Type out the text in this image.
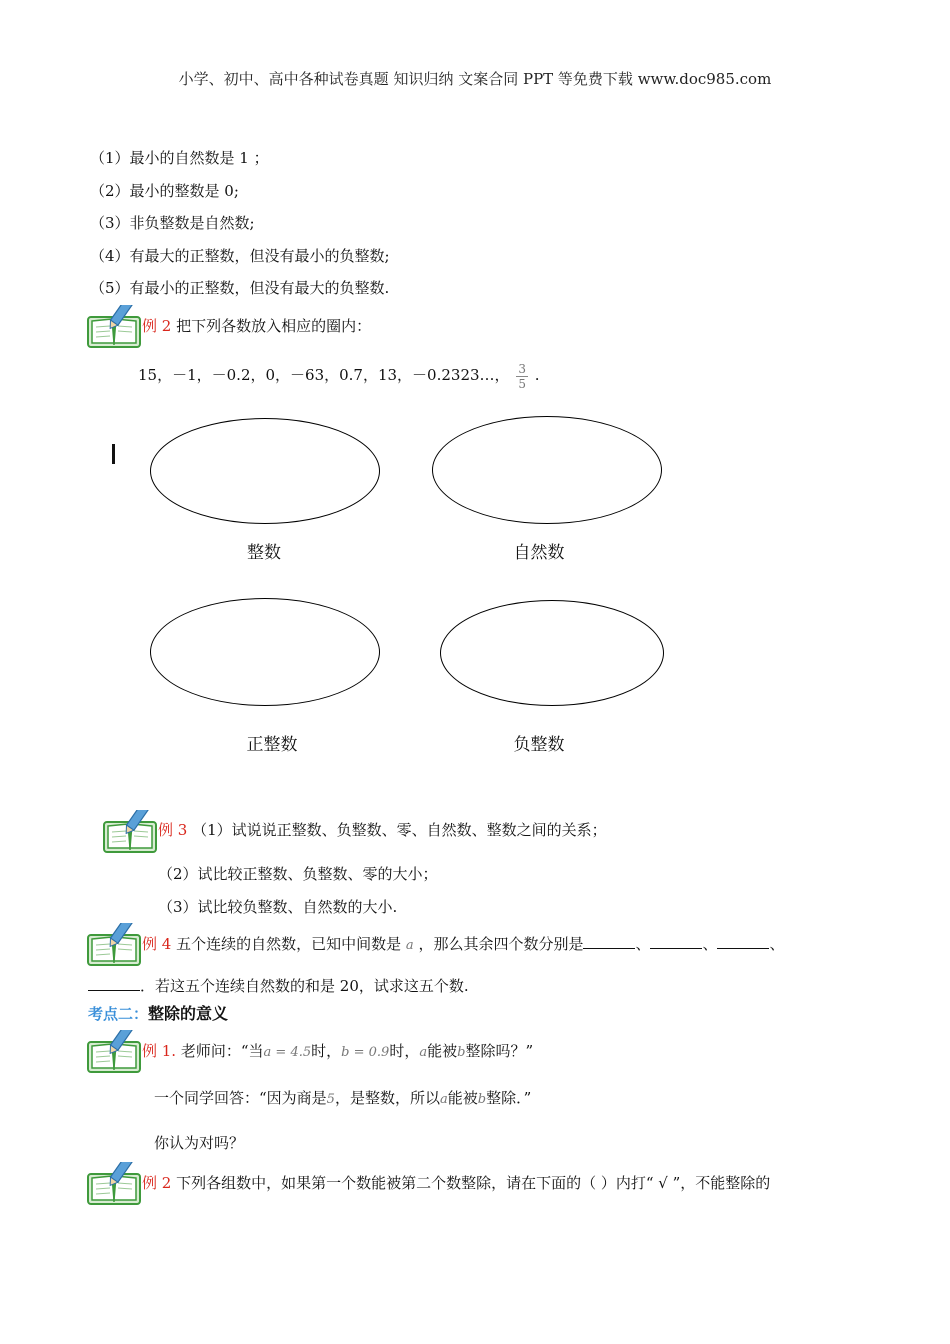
小学、初中、高中各种试卷真题 知识归纳 文案合同 PPT 等免费下载 www.doc985.com
（1）最小的自然数是 1 ；
（2）最小的整数是 0;
（3）非负整数是自然数;
（4）有最大的正整数，但没有最小的负整数;
（5）有最小的正整数，但没有最大的负整数.
例 2 把下列各数放入相应的圈内：
15，－1，－0.2，0，－63，0.7，13，－0.2323…， $\frac{3}{5}$ .
整数	自然数
正整数	负整数
例 3 （1）试说说正整数、负整数、零、自然数、整数之间的关系；
（2）试比较正整数、负整数、零的大小；
（3）试比较负整数、自然数的大小.
例 4 五个连续的自然数，已知中间数是 a ，那么其余四个数分别是	、	、	、
．若这五个连续自然数的和是 20，试求这五个数.
考点二：整除的意义
例 1. 老师问：“当a = 4.5时，b = 0.9时，a能被b整除吗？”
一个同学回答：“因为商是5，是整数，所以a能被b整除．”
你认为对吗？
例 2 下列各组数中，如果第一个数能被第二个数整除，请在下面的（ ）内打“ √ ”，不能整除的
